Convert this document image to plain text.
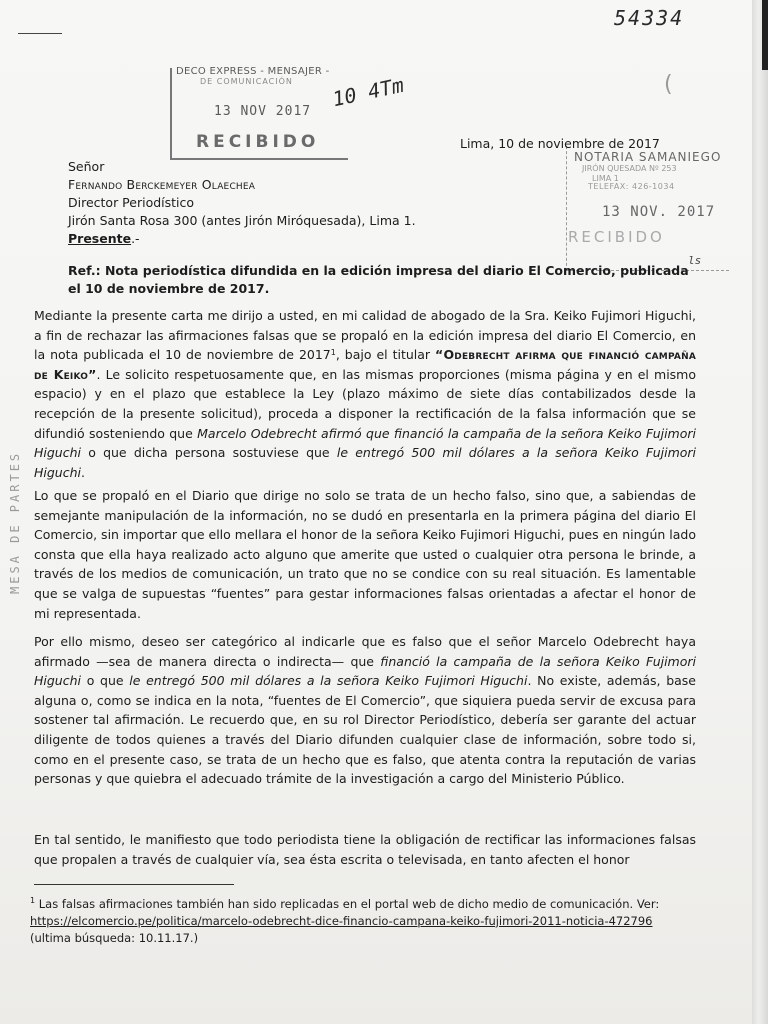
54334
(
DECO EXPRESS - MENSAJER -
DE COMUNICACIÓN
13 NOV 2017
RECIBIDO
10 4Tm
NOTARIA SAMANIEGO
JIRÓN QUESADA Nº 253
LIMA 1
TELEFAX: 426-1034
13 NOV. 2017
RECIBIDO
ls
MESA DE PARTES
Lima, 10 de noviembre de 2017
Señor
Fernando Berckemeyer Olaechea
Director Periodístico
Jirón Santa Rosa 300 (antes Jirón Miróquesada), Lima 1.
Presente.-
Ref.: Nota periodística difundida en la edición impresa del diario El Comercio, publicada el 10 de noviembre de 2017.

Mediante la presente carta me dirijo a usted, en mi calidad de abogado de la Sra. Keiko Fujimori Higuchi, a fin de rechazar las afirmaciones falsas que se propaló en la edición impresa del diario El Comercio, en la nota publicada el 10 de noviembre de 2017$^1$, bajo el titular “Odebrecht afirma que financió campaña de Keiko”. Le solicito respetuosamente que, en las mismas proporciones (misma página y en el mismo espacio) y en el plazo que establece la Ley (plazo máximo de siete días contabilizados desde la recepción de la presente solicitud), proceda a disponer la rectificación de la falsa información que se difundió sosteniendo que Marcelo Odebrecht afirmó que financió la campaña de la señora Keiko Fujimori Higuchi o que dicha persona sostuviese que le entregó 500 mil dólares a la señora Keiko Fujimori Higuchi.

Lo que se propaló en el Diario que dirige no solo se trata de un hecho falso, sino que, a sabiendas de semejante manipulación de la información, no se dudó en presentarla en la primera página del diario El Comercio, sin importar que ello mellara el honor de la señora Keiko Fujimori Higuchi, pues en ningún lado consta que ella haya realizado acto alguno que amerite que usted o cualquier otra persona le brinde, a través de los medios de comunicación, un trato que no se condice con su real situación. Es lamentable que se valga de supuestas “fuentes” para gestar informaciones falsas orientadas a afectar el honor de mi representada.

Por ello mismo, deseo ser categórico al indicarle que es falso que el señor Marcelo Odebrecht haya afirmado —sea de manera directa o indirecta— que financió la campaña de la señora Keiko Fujimori Higuchi o que le entregó 500 mil dólares a la señora Keiko Fujimori Higuchi. No existe, además, base alguna o, como se indica en la nota, “fuentes de El Comercio”, que siquiera pueda servir de excusa para sostener tal afirmación. Le recuerdo que, en su rol Director Periodístico, debería ser garante del actuar diligente de todos quienes a través del Diario difunden cualquier clase de información, sobre todo si, como en el presente caso, se trata de un hecho que es falso, que atenta contra la reputación de varias personas y que quiebra el adecuado trámite de la investigación a cargo del Ministerio Público.

En tal sentido, le manifiesto que todo periodista tiene la obligación de rectificar las informaciones falsas que propalen a través de cualquier vía, sea ésta escrita o televisada, en tanto afecten el honor

$^1$ Las falsas afirmaciones también han sido replicadas en el portal web de dicho medio de comunicación. Ver: https://elcomercio.pe/politica/marcelo-odebrecht-dice-financio-campana-keiko-fujimori-2011-noticia-472796 (ultima búsqueda: 10.11.17.)
